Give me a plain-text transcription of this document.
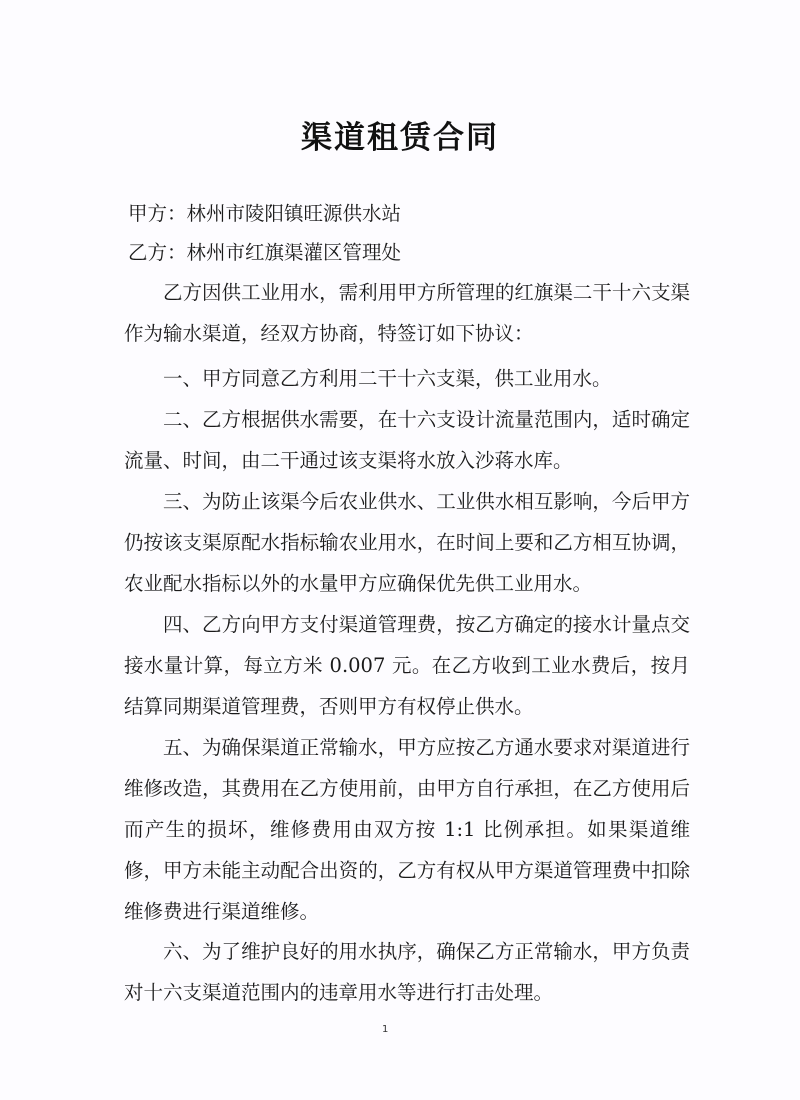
渠道租赁合同
甲方：林州市陵阳镇旺源供水站
乙方：林州市红旗渠灌区管理处
乙方因供工业用水，需利用甲方所管理的红旗渠二干十六支渠作为输水渠道，经双方协商，特签订如下协议：
一、甲方同意乙方利用二干十六支渠，供工业用水。
二、乙方根据供水需要，在十六支设计流量范围内，适时确定流量、时间，由二干通过该支渠将水放入沙蒋水库。
三、为防止该渠今后农业供水、工业供水相互影响，今后甲方仍按该支渠原配水指标输农业用水，在时间上要和乙方相互协调，农业配水指标以外的水量甲方应确保优先供工业用水。
四、乙方向甲方支付渠道管理费，按乙方确定的接水计量点交接水量计算，每立方米 0.007 元。在乙方收到工业水费后，按月结算同期渠道管理费，否则甲方有权停止供水。
五、为确保渠道正常输水，甲方应按乙方通水要求对渠道进行维修改造，其费用在乙方使用前，由甲方自行承担，在乙方使用后而产生的损坏，维修费用由双方按 1:1 比例承担。如果渠道维修，甲方未能主动配合出资的，乙方有权从甲方渠道管理费中扣除维修费进行渠道维修。
六、为了维护良好的用水执序，确保乙方正常输水，甲方负责对十六支渠道范围内的违章用水等进行打击处理。
1
